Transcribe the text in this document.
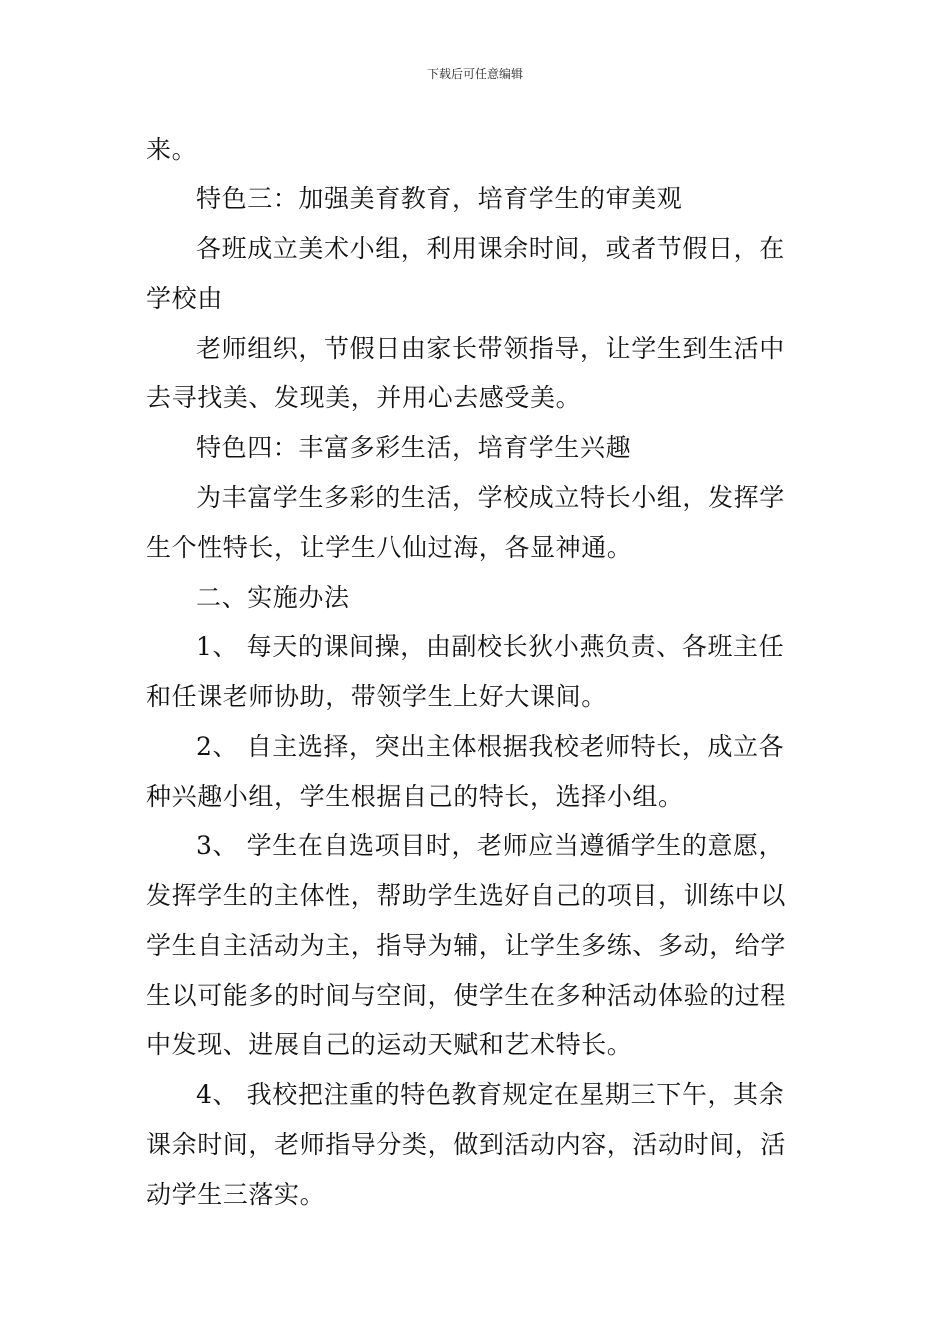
下载后可任意编辑
来。
特色三：加强美育教育，培育学生的审美观
各班成立美术小组，利用课余时间，或者节假日，在
学校由
老师组织，节假日由家长带领指导，让学生到生活中
去寻找美、发现美，并用心去感受美。
特色四：丰富多彩生活，培育学生兴趣
为丰富学生多彩的生活，学校成立特长小组，发挥学
生个性特长，让学生八仙过海，各显神通。
二、实施办法
1、 每天的课间操，由副校长狄小燕负责、各班主任
和任课老师协助，带领学生上好大课间。
2、 自主选择，突出主体根据我校老师特长，成立各
种兴趣小组，学生根据自己的特长，选择小组。
3、 学生在自选项目时，老师应当遵循学生的意愿，
发挥学生的主体性，帮助学生选好自己的项目，训练中以
学生自主活动为主，指导为辅，让学生多练、多动，给学
生以可能多的时间与空间，使学生在多种活动体验的过程
中发现、进展自己的运动天赋和艺术特长。
4、 我校把注重的特色教育规定在星期三下午，其余
课余时间，老师指导分类，做到活动内容，活动时间，活
动学生三落实。
